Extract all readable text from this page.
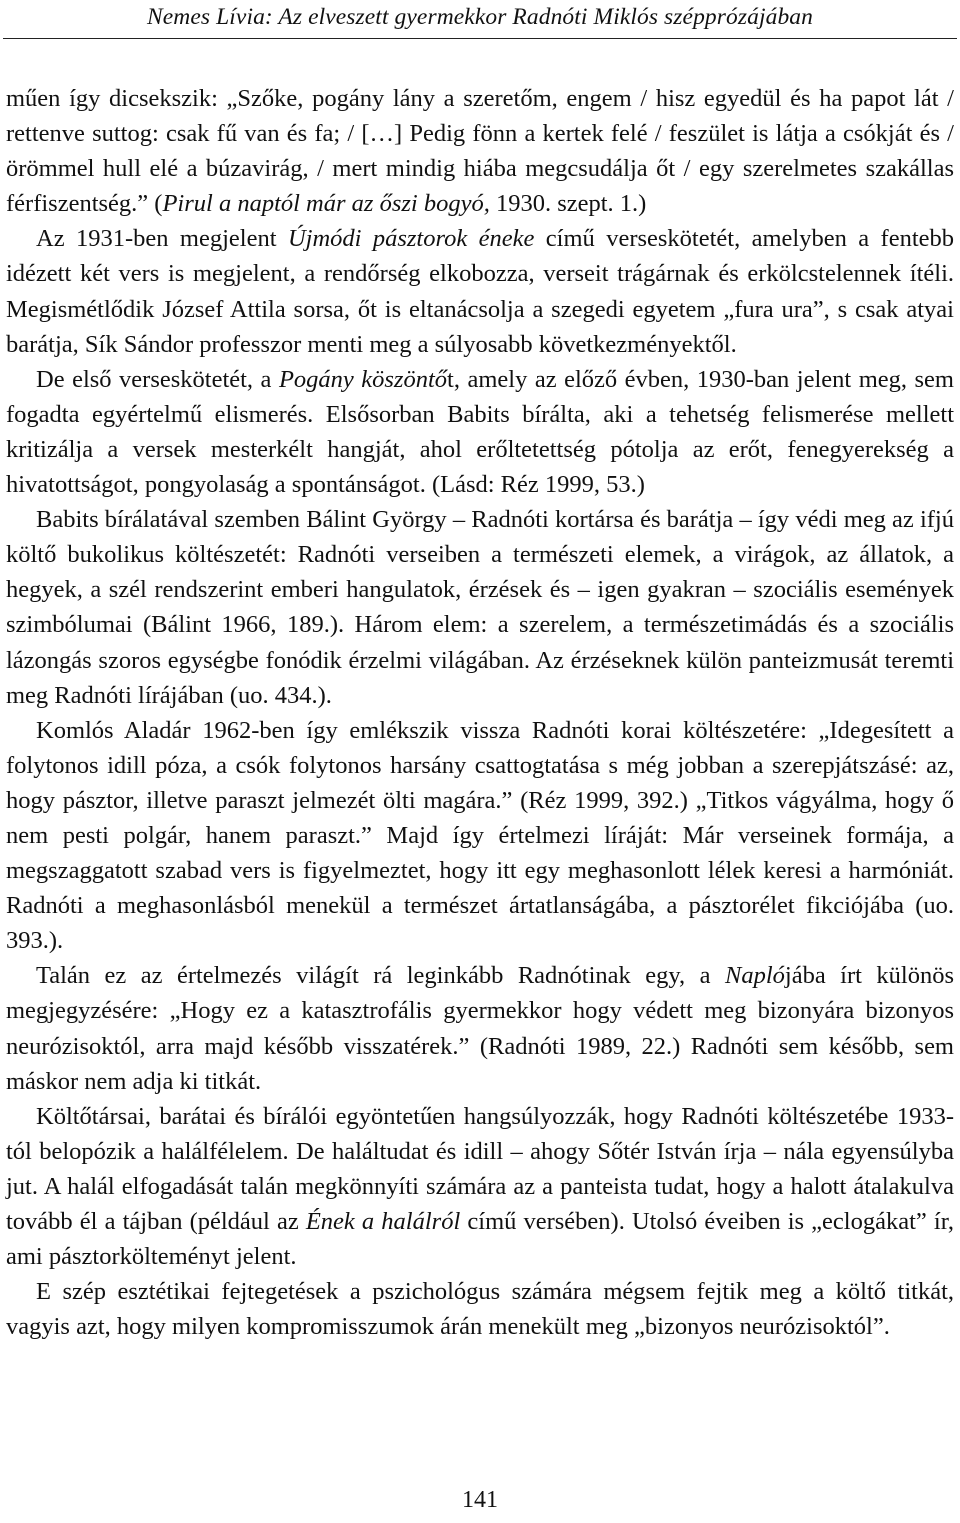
Nemes Lívia: Az elveszett gyermekkor Radnóti Miklós szépprózájában

műen így dicsekszik: „Szőke, pogány lány a szeretőm, engem / hisz egyedül és ha papot lát / rettenve suttog: csak fű van és fa; / […] Pedig fönn a kertek felé / feszület is látja a csókját és / örömmel hull elé a búzavirág, / mert mindig hiába megcsudálja őt / egy szerelmetes szakállas férfiszentség.” (Pirul a naptól már az őszi bogyó, 1930. szept. 1.)

Az 1931-ben megjelent Újmódi pásztorok éneke című verseskötetét, amelyben a fentebb idézett két vers is megjelent, a rendőrség elkobozza, verseit trágárnak és erkölcstelennek ítéli. Megismétlődik József Attila sorsa, őt is eltanácsolja a szegedi egyetem „fura ura”, s csak atyai barátja, Sík Sándor professzor menti meg a súlyosabb következményektől.

De első verseskötetét, a Pogány köszöntőt, amely az előző évben, 1930-ban jelent meg, sem fogadta egyértelmű elismerés. Elsősorban Babits bírálta, aki a tehetség felismerése mellett kritizálja a versek mesterkélt hangját, ahol erőltetettség pótolja az erőt, fenegyerekség a hivatottságot, pongyolaság a spontánságot. (Lásd: Réz 1999, 53.)

Babits bírálatával szemben Bálint György – Radnóti kortársa és barátja – így védi meg az ifjú költő bukolikus költészetét: Radnóti verseiben a természeti elemek, a virágok, az állatok, a hegyek, a szél rendszerint emberi hangulatok, érzések és – igen gyakran – szociális események szimbólumai (Bálint 1966, 189.). Három elem: a szerelem, a természetimádás és a szociális lázongás szoros egységbe fonódik érzelmi világában. Az érzéseknek külön panteizmusát teremti meg Radnóti lírájában (uo. 434.).

Komlós Aladár 1962-ben így emlékszik vissza Radnóti korai költészetére: „Idegesített a folytonos idill póza, a csók folytonos harsány csattogtatása s még jobban a szerepjátszásé: az, hogy pásztor, illetve paraszt jelmezét ölti magára.” (Réz 1999, 392.) „Titkos vágyálma, hogy ő nem pesti polgár, hanem paraszt.” Majd így értelmezi líráját: Már verseinek formája, a megszaggatott szabad vers is figyelmeztet, hogy itt egy meghasonlott lélek keresi a harmóniát. Radnóti a meghasonlásból menekül a természet ártatlanságába, a pásztorélet fikciójába (uo. 393.).

Talán ez az értelmezés világít rá leginkább Radnótinak egy, a Naplójába írt különös megjegyzésére: „Hogy ez a katasztrofális gyermekkor hogy védett meg bizonyára bizonyos neurózisoktól, arra majd később visszatérek.” (Radnóti 1989, 22.) Radnóti sem később, sem máskor nem adja ki titkát.

Költőtársai, barátai és bírálói egyöntetűen hangsúlyozzák, hogy Radnóti költészetébe 1933-tól belopózik a halálfélelem. De haláltudat és idill – ahogy Sőtér István írja – nála egyensúlyba jut. A halál elfogadását talán megkönnyíti számára az a panteista tudat, hogy a halott átalakulva tovább él a tájban (például az Ének a halálról című versében). Utolsó éveiben is „eclogákat” ír, ami pásztorkölteményt jelent.

E szép esztétikai fejtegetések a pszichológus számára mégsem fejtik meg a költő titkát, vagyis azt, hogy milyen kompromisszumok árán menekült meg „bizonyos neurózisoktól”.

141
